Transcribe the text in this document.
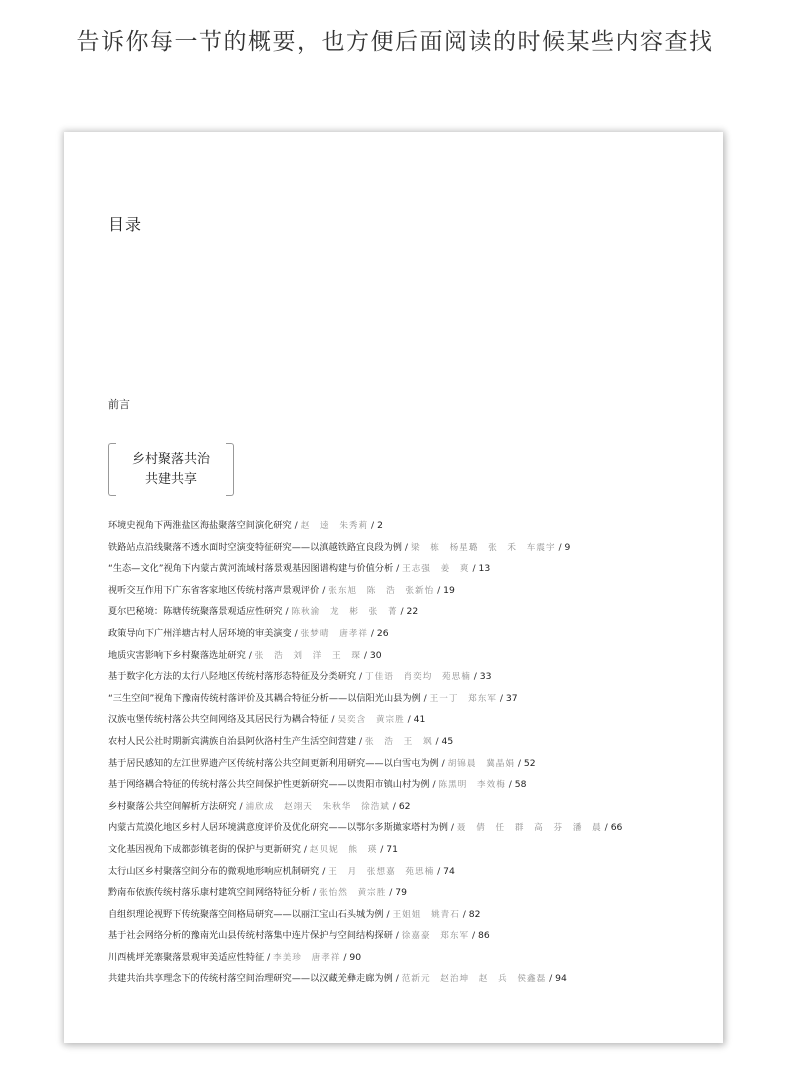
告诉你每一节的概要，也方便后面阅读的时候某些内容查找
目录
前言
乡村聚落共治
共建共享
环境史视角下两淮盐区海盐聚落空间演化研究 / 赵 逵 朱秀莉 / 2
铁路站点沿线聚落不透水面时空演变特征研究——以滇越铁路宜良段为例 / 梁 栋 杨星璐 张 禾 车震宇 / 9
“生态—文化”视角下内蒙古黄河流域村落景观基因图谱构建与价值分析 / 王志强 姜 爽 / 13
视听交互作用下广东省客家地区传统村落声景观评价 / 张东旭 陈 浩 张新怡 / 19
夏尔巴秘境：陈塘传统聚落景观适应性研究 / 陈秋渝 龙 彬 张 菁 / 22
政策导向下广州洋塘古村人居环境的审美演变 / 张梦晴 唐孝祥 / 26
地质灾害影响下乡村聚落选址研究 / 张 浩 刘 洋 王 琛 / 30
基于数字化方法的太行八陉地区传统村落形态特征及分类研究 / 丁佳语 肖奕均 苑思楠 / 33
“三生空间”视角下豫南传统村落评价及其耦合特征分析——以信阳光山县为例 / 王一丁 郑东军 / 37
汉族屯堡传统村落公共空间网络及其居民行为耦合特征 / 吴奕含 黄宗胜 / 41
农村人民公社时期新宾满族自治县阿伙洛村生产生活空间营建 / 张 浩 王 飒 / 45
基于居民感知的左江世界遗产区传统村落公共空间更新利用研究——以白雪屯为例 / 胡锦晨 冀晶娟 / 52
基于网络耦合特征的传统村落公共空间保护性更新研究——以贵阳市镇山村为例 / 陈黑明 李效梅 / 58
乡村聚落公共空间解析方法研究 / 浦欣成 赵翊天 朱秋华 徐浩斌 / 62
内蒙古荒漠化地区乡村人居环境满意度评价及优化研究——以鄂尔多斯撖家塔村为例 / 聂 倩 任 群 高 芬 潘 晨 / 66
文化基因视角下成都彭镇老街的保护与更新研究 / 赵贝妮 熊 瑛 / 71
太行山区乡村聚落空间分布的微观地形响应机制研究 / 王 月 张想嘉 苑思楠 / 74
黔南布依族传统村落乐康村建筑空间网络特征分析 / 张怡然 黄宗胜 / 79
自组织理论视野下传统聚落空间格局研究——以丽江宝山石头城为例 / 王姐姐 姚青石 / 82
基于社会网络分析的豫南光山县传统村落集中连片保护与空间结构探研 / 徐嘉豪 郑东军 / 86
川西桃坪羌寨聚落景观审美适应性特征 / 李美珍 唐孝祥 / 90
共建共治共享理念下的传统村落空间治理研究——以汉藏羌彝走廊为例 / 范新元 赵治坤 赵 兵 侯鑫磊 / 94
